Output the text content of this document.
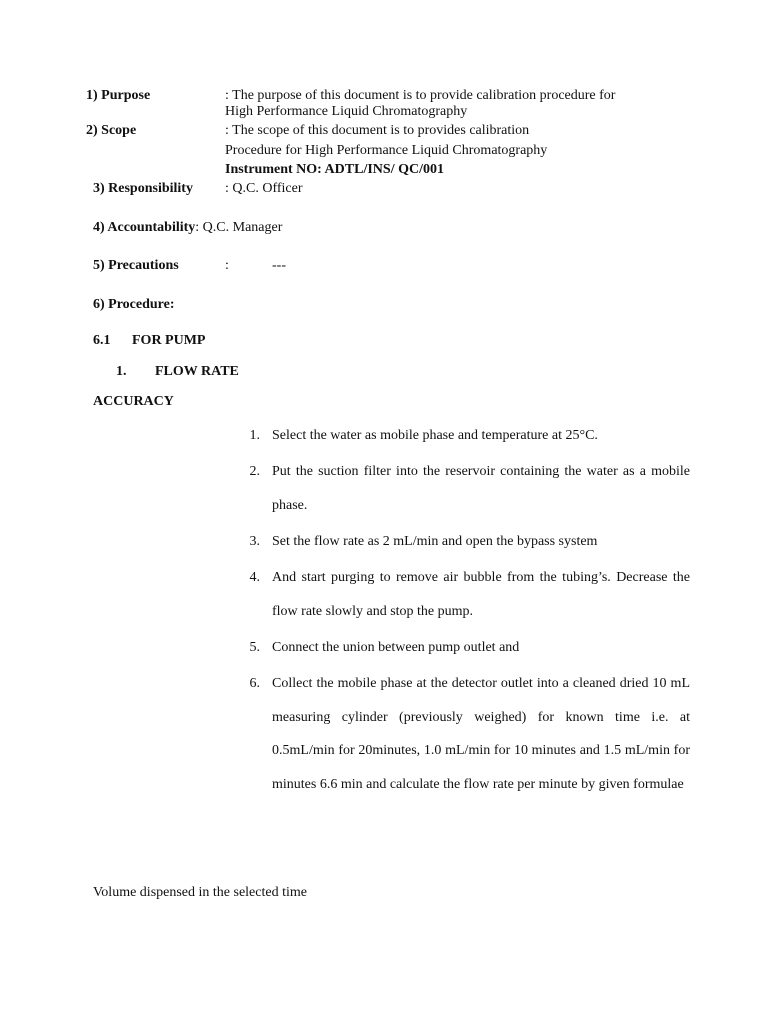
1) Purpose	: The purpose of this document is to provide calibration procedure for
High Performance Liquid Chromatography
2) Scope	: The scope of this document is to provides calibration
Procedure for High Performance Liquid Chromatography
Instrument NO: ADTL/INS/ QC/001
3) Responsibility : Q.C. Officer
4) Accountability: Q.C. Manager
5) Precautions	:	---
6) Procedure:
6.1 FOR PUMP
1. FLOW RATE
ACCURACY
1. Select the water as mobile phase and temperature at 25°C.
2. Put the suction filter into the reservoir containing the water as a mobile phase.
3. Set the flow rate as 2 mL/min and open the bypass system
4. And start purging to remove air bubble from the tubing’s. Decrease the flow rate slowly and stop the pump.
5. Connect the union between pump outlet and
6. Collect the mobile phase at the detector outlet into a cleaned dried 10 mL measuring cylinder (previously weighed) for known time i.e. at 0.5mL/min for 20minutes, 1.0 mL/min for 10 minutes and 1.5 mL/min for minutes 6.6 min and calculate the flow rate per minute by given formulae
Volume dispensed in the selected time
